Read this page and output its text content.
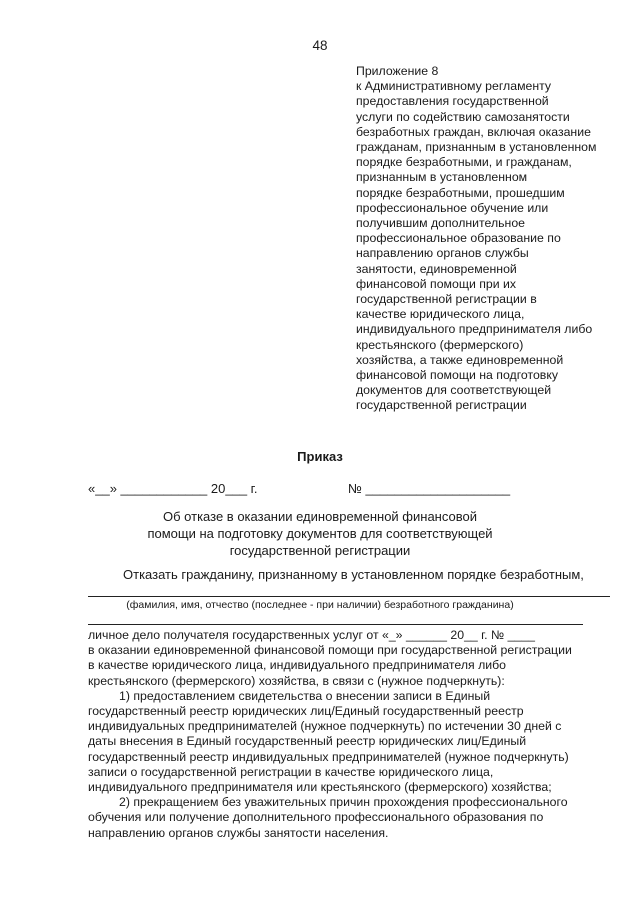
48
Приложение 8
к Административному регламенту
предоставления государственной
услуги по содействию самозанятости
безработных граждан, включая оказание
гражданам, признанным в установленном
порядке безработными, и гражданам,
признанным в установленном
порядке безработными, прошедшим
профессиональное обучение или
получившим дополнительное
профессиональное образование по
направлению органов службы
занятости, единовременной
финансовой помощи при их
государственной регистрации в
качестве юридического лица,
индивидуального предпринимателя либо
крестьянского (фермерского)
хозяйства, а также единовременной
финансовой помощи на подготовку
документов для соответствующей
государственной регистрации
Приказ
«__» ____________ 20___ г.	№ ____________________
Об отказе в оказании единовременной финансовой
помощи на подготовку документов для соответствующей
государственной регистрации
Отказать гражданину, признанному в установленном порядке безработным,
(фамилия, имя, отчество (последнее - при наличии) безработного гражданина)
личное дело получателя государственных услуг от «_» ______ 20__ г. № ____
в оказании единовременной финансовой помощи при государственной регистрации
в качестве юридического лица, индивидуального предпринимателя либо
крестьянского (фермерского) хозяйства, в связи с (нужное подчеркнуть):
1) предоставлением свидетельства о внесении записи в Единый
государственный реестр юридических лиц/Единый государственный реестр
индивидуальных предпринимателей (нужное подчеркнуть) по истечении 30 дней с
даты внесения в Единый государственный реестр юридических лиц/Единый
государственный реестр индивидуальных предпринимателей (нужное подчеркнуть)
записи о государственной регистрации в качестве юридического лица,
индивидуального предпринимателя или крестьянского (фермерского) хозяйства;
2) прекращением без уважительных причин прохождения профессионального
обучения или получение дополнительного профессионального образования по
направлению органов службы занятости населения.
